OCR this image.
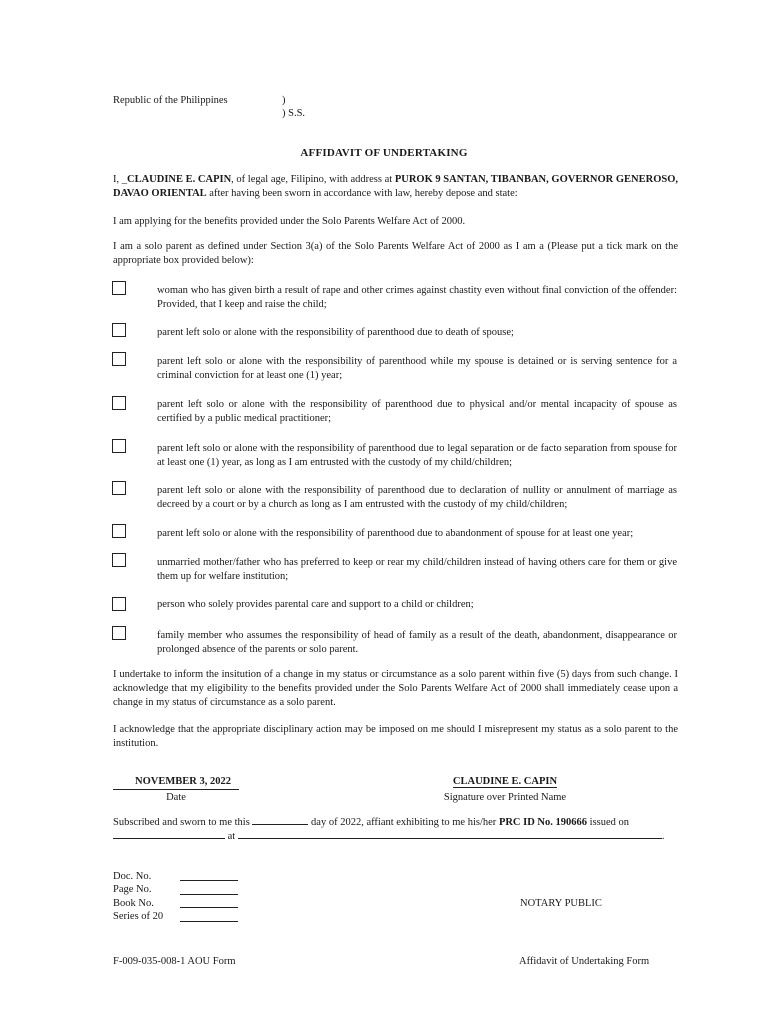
Republic of the Philippines	)
) S.S.
AFFIDAVIT OF UNDERTAKING
I, _CLAUDINE E. CAPIN, of legal age, Filipino, with address at PUROK 9 SANTAN, TIBANBAN, GOVERNOR GENEROSO, DAVAO ORIENTAL after having been sworn in accordance with law, hereby depose and state:
I am applying for the benefits provided under the Solo Parents Welfare Act of 2000.
I am a solo parent as defined under Section 3(a) of the Solo Parents Welfare Act of 2000 as I am a (Please put a tick mark on the appropriate box provided below):
woman who has given birth a result of rape and other crimes against chastity even without final conviction of the offender: Provided, that I keep and raise the child;
parent left solo or alone with the responsibility of parenthood due to death of spouse;
parent left solo or alone with the responsibility of parenthood while my spouse is detained or is serving sentence for a criminal conviction for at least one (1) year;
parent left solo or alone with the responsibility of parenthood due to physical and/or mental incapacity of spouse as certified by a public medical practitioner;
parent left solo or alone with the responsibility of parenthood due to legal separation or de facto separation from spouse for at least one (1) year, as long as I am entrusted with the custody of my child/children;
parent left solo or alone with the responsibility of parenthood due to declaration of nullity or annulment of marriage as decreed by a court or by a church as long as I am entrusted with the custody of my child/children;
parent left solo or alone with the responsibility of parenthood due to abandonment of spouse for at least one year;
unmarried mother/father who has preferred to keep or rear my child/children instead of having others care for them or give them up for welfare institution;
person who solely provides parental care and support to a child or children;
family member who assumes the responsibility of head of family as a result of the death, abandonment, disappearance or prolonged absence of the parents or solo parent.
I undertake to inform the insitution of a change in my status or circumstance as a solo parent within five (5) days from such change. I acknowledge that my eligibility to the benefits provided under the Solo Parents Welfare Act of 2000 shall immediately cease upon a change in my status of circumstance as a solo parent.
I acknowledge that the appropriate disciplinary action may be imposed on me should I misrepresent my status as a solo parent to the institution.
NOVEMBER 3, 2022
Date
CLAUDINE E. CAPIN
Signature over Printed Name
Subscribed and sworn to me this	day of 2022, affiant exhibiting to me his/her PRC ID No. 190666 issued on
at	.
Doc. No.
Page No.
Book No.
Series of 20
NOTARY PUBLIC
F-009-035-008-1 AOU Form	Affidavit of Undertaking Form
